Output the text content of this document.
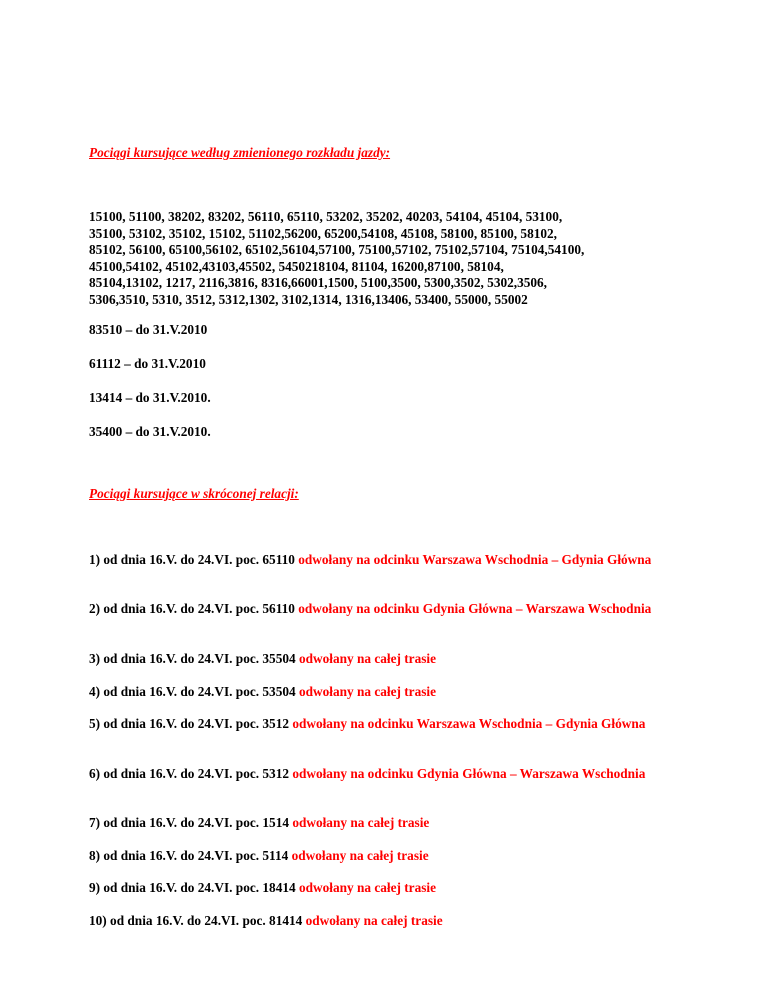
Pociągi kursujące według zmienionego rozkładu jazdy:
15100, 51100, 38202, 83202, 56110, 65110, 53202, 35202, 40203, 54104, 45104, 53100,
35100, 53102, 35102, 15102, 51102,56200, 65200,54108, 45108, 58100, 85100, 58102,
85102, 56100, 65100,56102, 65102,56104,57100, 75100,57102, 75102,57104, 75104,54100,
45100,54102, 45102,43103,45502, 5450218104, 81104, 16200,87100, 58104,
85104,13102, 1217, 2116,3816, 8316,66001,1500, 5100,3500, 5300,3502, 5302,3506,
5306,3510, 5310, 3512, 5312,1302, 3102,1314, 1316,13406, 53400, 55000, 55002
83510 – do 31.V.2010
61112 – do 31.V.2010
13414 – do 31.V.2010.
35400 – do 31.V.2010.
Pociągi kursujące w skróconej relacji:
1) od dnia 16.V. do 24.VI. poc. 65110 odwołany na odcinku Warszawa Wschodnia – Gdynia Główna
2) od dnia 16.V. do 24.VI. poc. 56110 odwołany na odcinku Gdynia Główna – Warszawa Wschodnia
3) od dnia 16.V. do 24.VI. poc. 35504 odwołany na całej trasie
4) od dnia 16.V. do 24.VI. poc. 53504 odwołany na całej trasie
5) od dnia 16.V. do 24.VI. poc. 3512 odwołany na odcinku Warszawa Wschodnia – Gdynia Główna
6) od dnia 16.V. do 24.VI. poc. 5312 odwołany na odcinku Gdynia Główna – Warszawa Wschodnia
7) od dnia 16.V. do 24.VI. poc. 1514 odwołany na całej trasie
8) od dnia 16.V. do 24.VI. poc. 5114 odwołany na całej trasie
9) od dnia 16.V. do 24.VI. poc. 18414 odwołany na całej trasie
10) od dnia 16.V. do 24.VI. poc. 81414 odwołany na całej trasie
